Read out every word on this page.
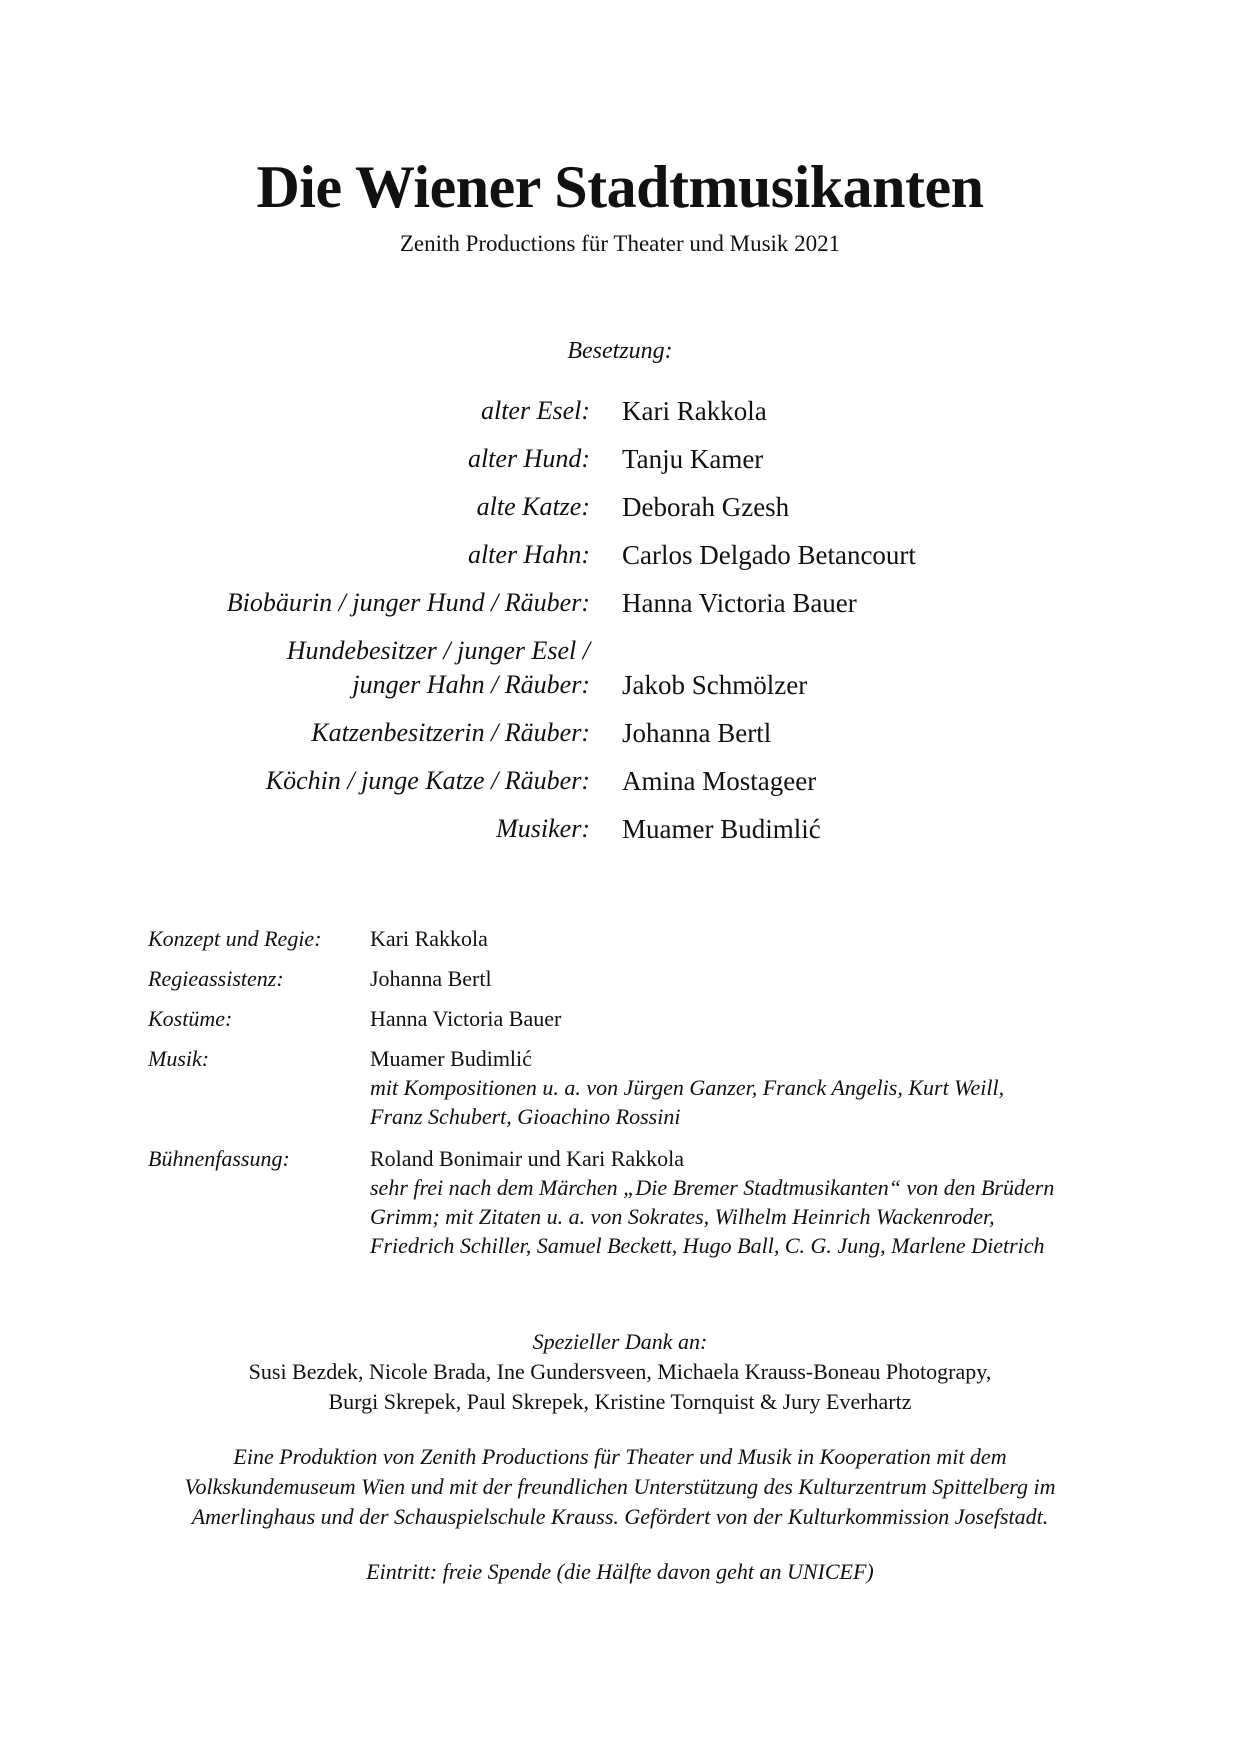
Die Wiener Stadtmusikanten
Zenith Productions für Theater und Musik 2021
Besetzung:
alter Esel: Kari Rakkola
alter Hund: Tanju Kamer
alte Katze: Deborah Gzesh
alter Hahn: Carlos Delgado Betancourt
Biobäurin / junger Hund / Räuber: Hanna Victoria Bauer
Hundebesitzer / junger Esel /
junger Hahn / Räuber: Jakob Schmölzer
Katzenbesitzerin / Räuber: Johanna Bertl
Köchin / junge Katze / Räuber: Amina Mostageer
Musiker: Muamer Budimlić
Konzept und Regie: Kari Rakkola
Regieassistenz:	Johanna Bertl
Kostüme:	Hanna Victoria Bauer
Musik:	Muamer Budimlić
mit Kompositionen u. a. von Jürgen Ganzer, Franck Angelis, Kurt Weill,
Franz Schubert, Gioachino Rossini
Bühnenfassung:	Roland Bonimair und Kari Rakkola
sehr frei nach dem Märchen „Die Bremer Stadtmusikanten“ von den Brüdern
Grimm; mit Zitaten u. a. von Sokrates, Wilhelm Heinrich Wackenroder,
Friedrich Schiller, Samuel Beckett, Hugo Ball, C. G. Jung, Marlene Dietrich
Spezieller Dank an:
Susi Bezdek, Nicole Brada, Ine Gundersveen, Michaela Krauss-Boneau Photograpy,
Burgi Skrepek, Paul Skrepek, Kristine Tornquist & Jury Everhartz
Eine Produktion von Zenith Productions für Theater und Musik in Kooperation mit dem
Volkskundemuseum Wien und mit der freundlichen Unterstützung des Kulturzentrum Spittelberg im
Amerlinghaus und der Schauspielschule Krauss. Gefördert von der Kulturkommission Josefstadt.
Eintritt: freie Spende (die Hälfte davon geht an UNICEF)
